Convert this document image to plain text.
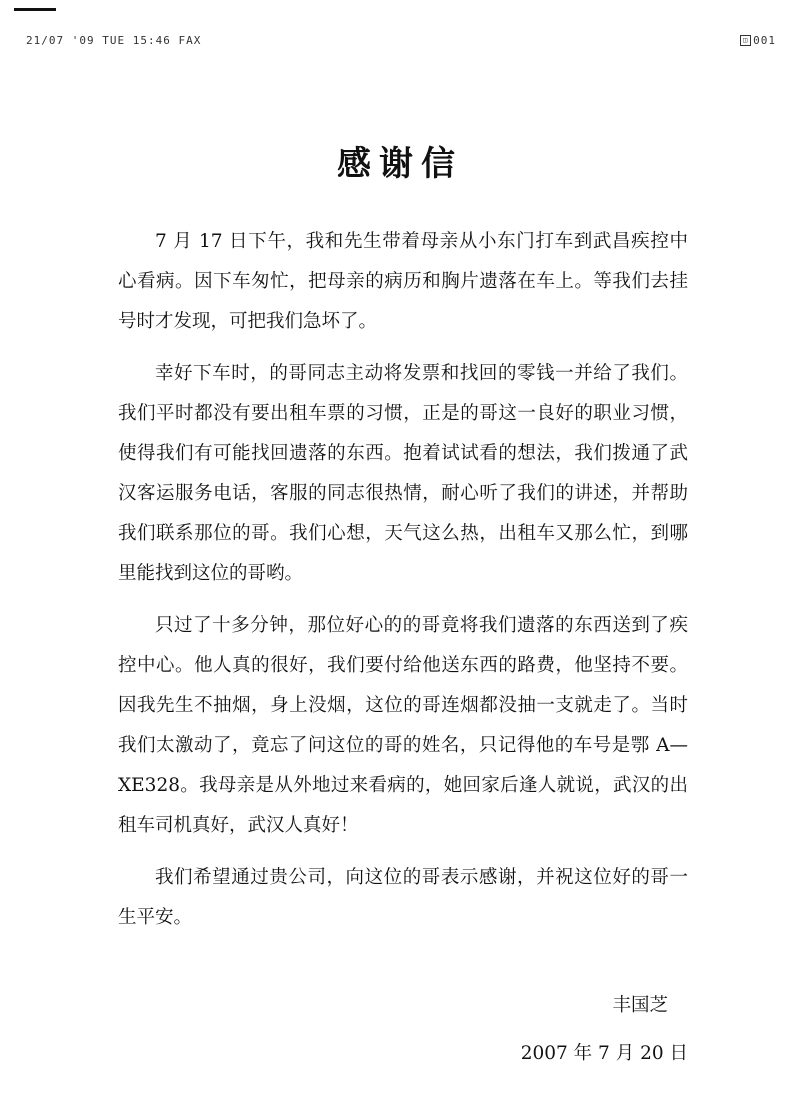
21/07 '09 TUE 15:46 FAX	◫ 001
感谢信

7 月 17 日下午，我和先生带着母亲从小东门打车到武昌疾控中心看病。因下车匆忙，把母亲的病历和胸片遗落在车上。等我们去挂号时才发现，可把我们急坏了。

幸好下车时，的哥同志主动将发票和找回的零钱一并给了我们。我们平时都没有要出租车票的习惯，正是的哥这一良好的职业习惯，使得我们有可能找回遗落的东西。抱着试试看的想法，我们拨通了武汉客运服务电话，客服的同志很热情，耐心听了我们的讲述，并帮助我们联系那位的哥。我们心想，天气这么热，出租车又那么忙，到哪里能找到这位的哥哟。

只过了十多分钟，那位好心的的哥竟将我们遗落的东西送到了疾控中心。他人真的很好，我们要付给他送东西的路费，他坚持不要。因我先生不抽烟，身上没烟，这位的哥连烟都没抽一支就走了。当时我们太激动了，竟忘了问这位的哥的姓名，只记得他的车号是鄂 A—XE328。我母亲是从外地过来看病的，她回家后逢人就说，武汉的出租车司机真好，武汉人真好！

我们希望通过贵公司，向这位的哥表示感谢，并祝这位好的哥一生平安。

丰国芝
2007 年 7 月 20 日
